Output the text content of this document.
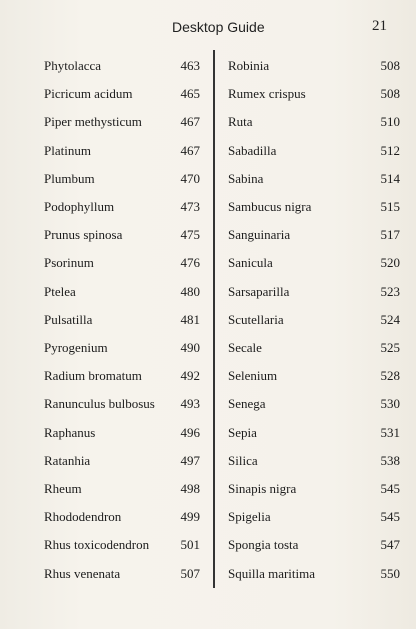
Desktop Guide	21
Phytolacca	463
Picricum acidum	465
Piper methysticum	467
Platinum	467
Plumbum	470
Podophyllum	473
Prunus spinosa	475
Psorinum	476
Ptelea	480
Pulsatilla	481
Pyrogenium	490
Radium bromatum	492
Ranunculus bulbosus 493
Raphanus	496
Ratanhia	497
Rheum	498
Rhododendron	499
Rhus toxicodendron 501
Rhus venenata	507
Robinia	508
Rumex crispus	508
Ruta	510
Sabadilla	512
Sabina	514
Sambucus nigra	515
Sanguinaria	517
Sanicula	520
Sarsaparilla	523
Scutellaria	524
Secale	525
Selenium	528
Senega	530
Sepia	531
Silica	538
Sinapis nigra	545
Spigelia	545
Spongia tosta	547
Squilla maritima	550
